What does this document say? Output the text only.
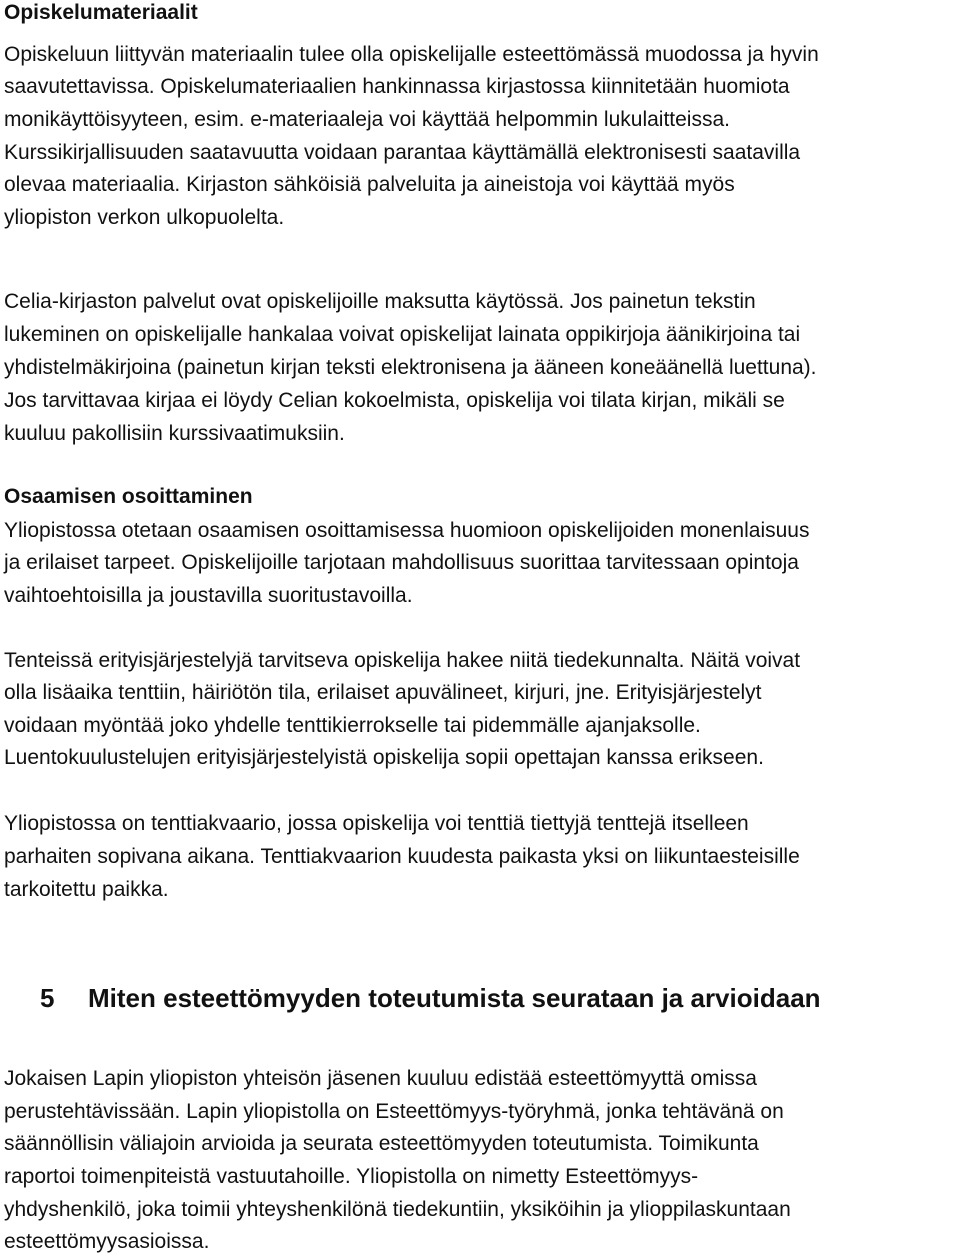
Opiskelumateriaalit
Opiskeluun liittyvän materiaalin tulee olla opiskelijalle esteettömässä muodossa ja hyvin
saavutettavissa. Opiskelumateriaalien hankinnassa kirjastossa kiinnitetään huomiota
monikäyttöisyyteen, esim. e-materiaaleja voi käyttää helpommin lukulaitteissa.
Kurssikirjallisuuden saatavuutta voidaan parantaa käyttämällä elektronisesti saatavilla
olevaa materiaalia. Kirjaston sähköisiä palveluita ja aineistoja voi käyttää myös
yliopiston verkon ulkopuolelta.
Celia-kirjaston palvelut ovat opiskelijoille maksutta käytössä. Jos painetun tekstin
lukeminen on opiskelijalle hankalaa voivat opiskelijat lainata oppikirjoja äänikirjoina tai
yhdistelmäkirjoina (painetun kirjan teksti elektronisena ja ääneen koneäänellä luettuna).
Jos tarvittavaa kirjaa ei löydy Celian kokoelmista, opiskelija voi tilata kirjan, mikäli se
kuuluu pakollisiin kurssivaatimuksiin.
Osaamisen osoittaminen
Yliopistossa otetaan osaamisen osoittamisessa huomioon opiskelijoiden monenlaisuus
ja erilaiset tarpeet. Opiskelijoille tarjotaan mahdollisuus suorittaa tarvitessaan opintoja
vaihtoehtoisilla ja joustavilla suoritustavoilla.
Tenteissä erityisjärjestelyjä tarvitseva opiskelija hakee niitä tiedekunnalta. Näitä voivat
olla lisäaika tenttiin, häiriötön tila, erilaiset apuvälineet, kirjuri, jne. Erityisjärjestelyt
voidaan myöntää joko yhdelle tenttikierrokselle tai pidemmälle ajanjaksolle.
Luentokuulustelujen erityisjärjestelyistä opiskelija sopii opettajan kanssa erikseen.
Yliopistossa on tenttiakvaario, jossa opiskelija voi tenttiä tiettyjä tenttejä itselleen
parhaiten sopivana aikana. Tenttiakvaarion kuudesta paikasta yksi on liikuntaesteisille
tarkoitettu paikka.
5 Miten esteettömyyden toteutumista seurataan ja arvioidaan
Jokaisen Lapin yliopiston yhteisön jäsenen kuuluu edistää esteettömyyttä omissa
perustehtävissään. Lapin yliopistolla on Esteettömyys-työryhmä, jonka tehtävänä on
säännöllisin väliajoin arvioida ja seurata esteettömyyden toteutumista. Toimikunta
raportoi toimenpiteistä vastuutahoille. Yliopistolla on nimetty Esteettömyys-
yhdyshenkilö, joka toimii yhteyshenkilönä tiedekuntiin, yksiköihin ja ylioppilaskuntaan
esteettömyysasioissa.
